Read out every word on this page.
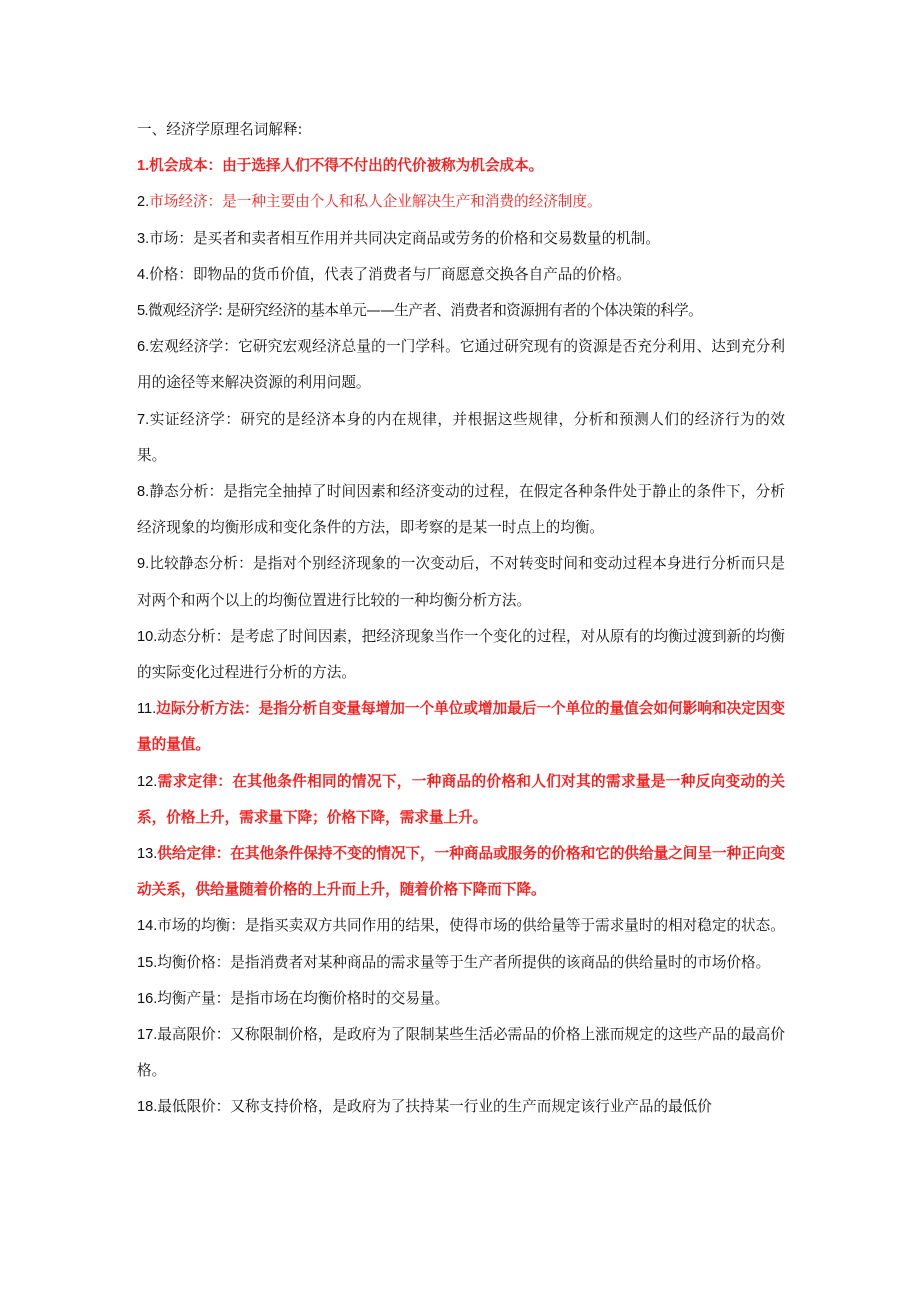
一、经济学原理名词解释:

1.机会成本：由于选择人们不得不付出的代价被称为机会成本。

2.市场经济：是一种主要由个人和私人企业解决生产和消费的经济制度。

3.市场：是买者和卖者相互作用并共同决定商品或劳务的价格和交易数量的机制。

4.价格：即物品的货币价值，代表了消费者与厂商愿意交换各自产品的价格。

5.微观经济学: 是研究经济的基本单元——生产者、消费者和资源拥有者的个体决策的科学。

6.宏观经济学：它研究宏观经济总量的一门学科。它通过研究现有的资源是否充分利用、达到充分利用的途径等来解决资源的利用问题。

7.实证经济学：研究的是经济本身的内在规律，并根据这些规律，分析和预测人们的经济行为的效果。

8.静态分析：是指完全抽掉了时间因素和经济变动的过程，在假定各种条件处于静止的条件下，分析经济现象的均衡形成和变化条件的方法，即考察的是某一时点上的均衡。

9.比较静态分析：是指对个别经济现象的一次变动后，不对转变时间和变动过程本身进行分析而只是对两个和两个以上的均衡位置进行比较的一种均衡分析方法。

10.动态分析：是考虑了时间因素，把经济现象当作一个变化的过程，对从原有的均衡过渡到新的均衡的实际变化过程进行分析的方法。

11.边际分析方法：是指分析自变量每增加一个单位或增加最后一个单位的量值会如何影响和决定因变量的量值。

12.需求定律：在其他条件相同的情况下，一种商品的价格和人们对其的需求量是一种反向变动的关系，价格上升，需求量下降；价格下降，需求量上升。

13.供给定律：在其他条件保持不变的情况下，一种商品或服务的价格和它的供给量之间呈一种正向变动关系，供给量随着价格的上升而上升，随着价格下降而下降。

14.市场的均衡：是指买卖双方共同作用的结果，使得市场的供给量等于需求量时的相对稳定的状态。

15.均衡价格：是指消费者对某种商品的需求量等于生产者所提供的该商品的供给量时的市场价格。

16.均衡产量：是指市场在均衡价格时的交易量。

17.最高限价：又称限制价格，是政府为了限制某些生活必需品的价格上涨而规定的这些产品的最高价格。

18.最低限价：又称支持价格，是政府为了扶持某一行业的生产而规定该行业产品的最低价
